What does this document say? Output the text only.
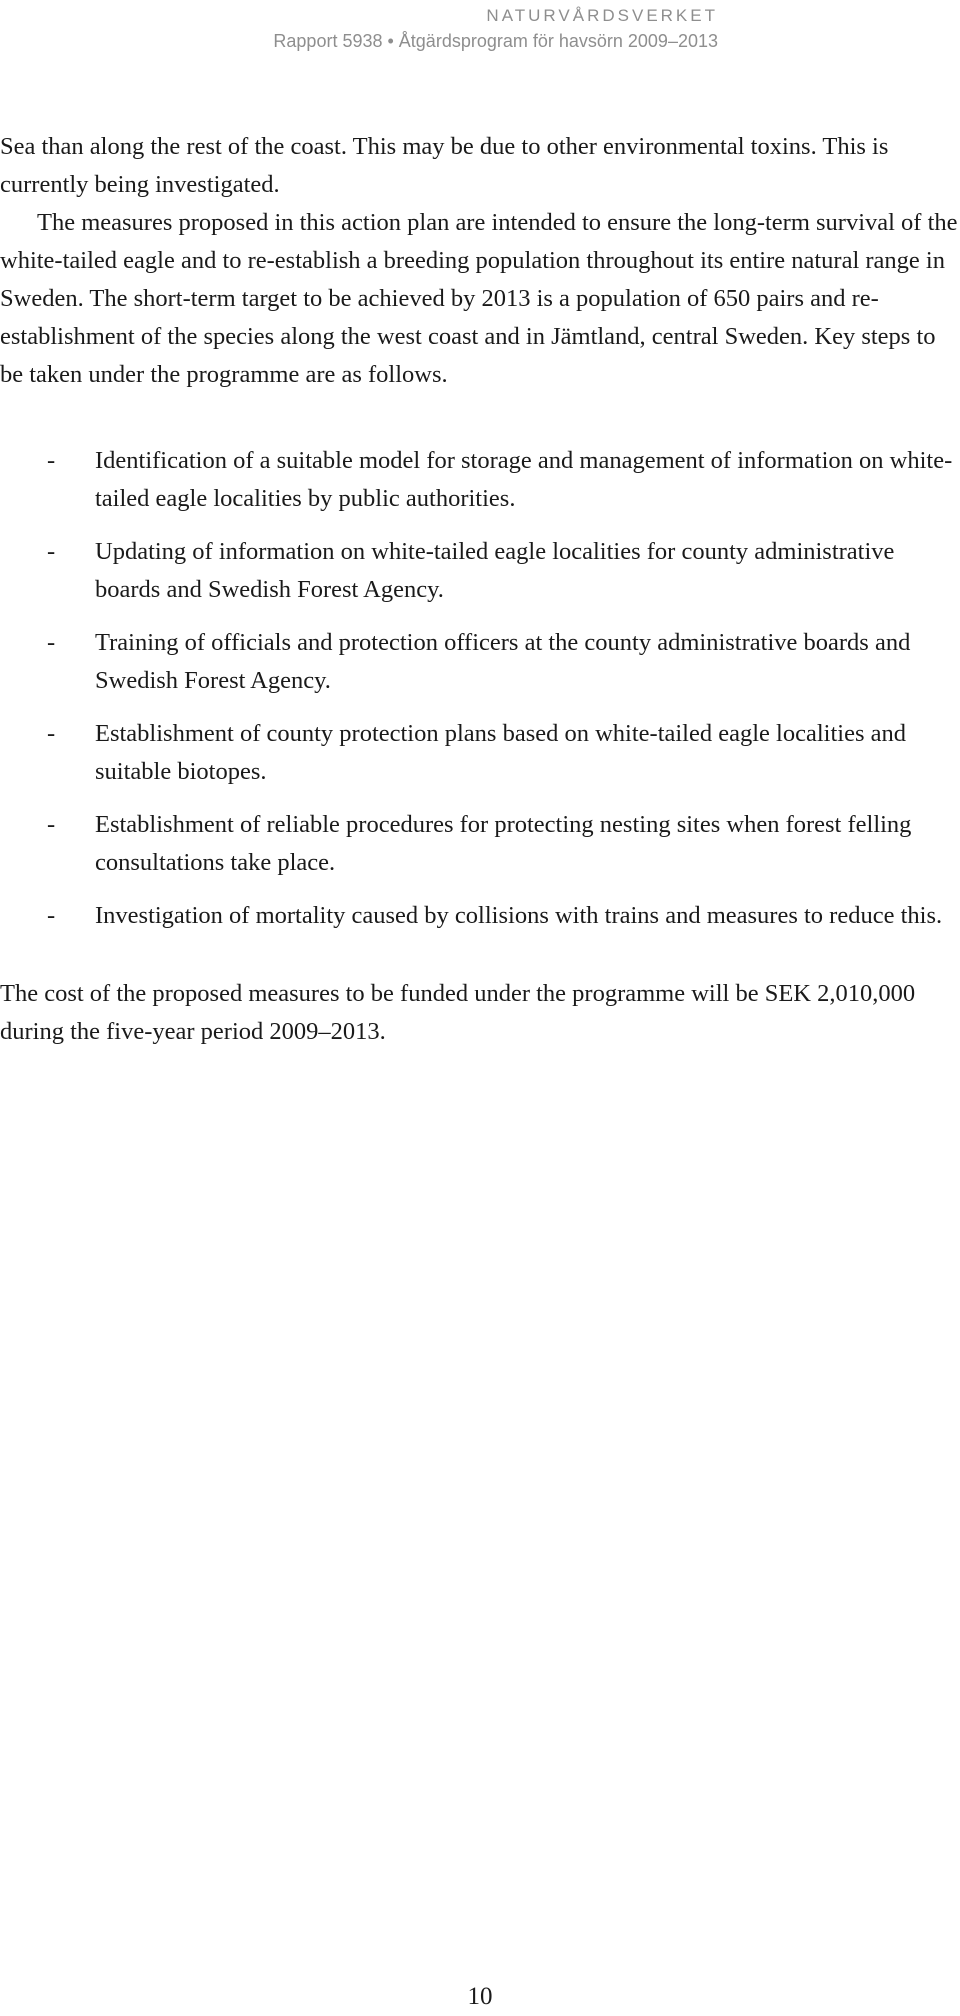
NATURVÅRDSVERKET
Rapport 5938 • Åtgärdsprogram för havsörn 2009–2013

Sea than along the rest of the coast. This may be due to other environmental toxins. This is currently being investigated.

The measures proposed in this action plan are intended to ensure the long-term survival of the white-tailed eagle and to re-establish a breeding population throughout its entire natural range in Sweden. The short-term target to be achieved by 2013 is a population of 650 pairs and re-establishment of the species along the west coast and in Jämtland, central Sweden. Key steps to be taken under the programme are as follows.

-	Identification of a suitable model for storage and management of information on white-tailed eagle localities by public authorities.
-	Updating of information on white-tailed eagle localities for county administrative boards and Swedish Forest Agency.
-	Training of officials and protection officers at the county administrative boards and Swedish Forest Agency.
-	Establishment of county protection plans based on white-tailed eagle localities and suitable biotopes.
-	Establishment of reliable procedures for protecting nesting sites when forest felling consultations take place.
-	Investigation of mortality caused by collisions with trains and measures to reduce this.

The cost of the proposed measures to be funded under the programme will be SEK 2,010,000 during the five-year period 2009–2013.

10
